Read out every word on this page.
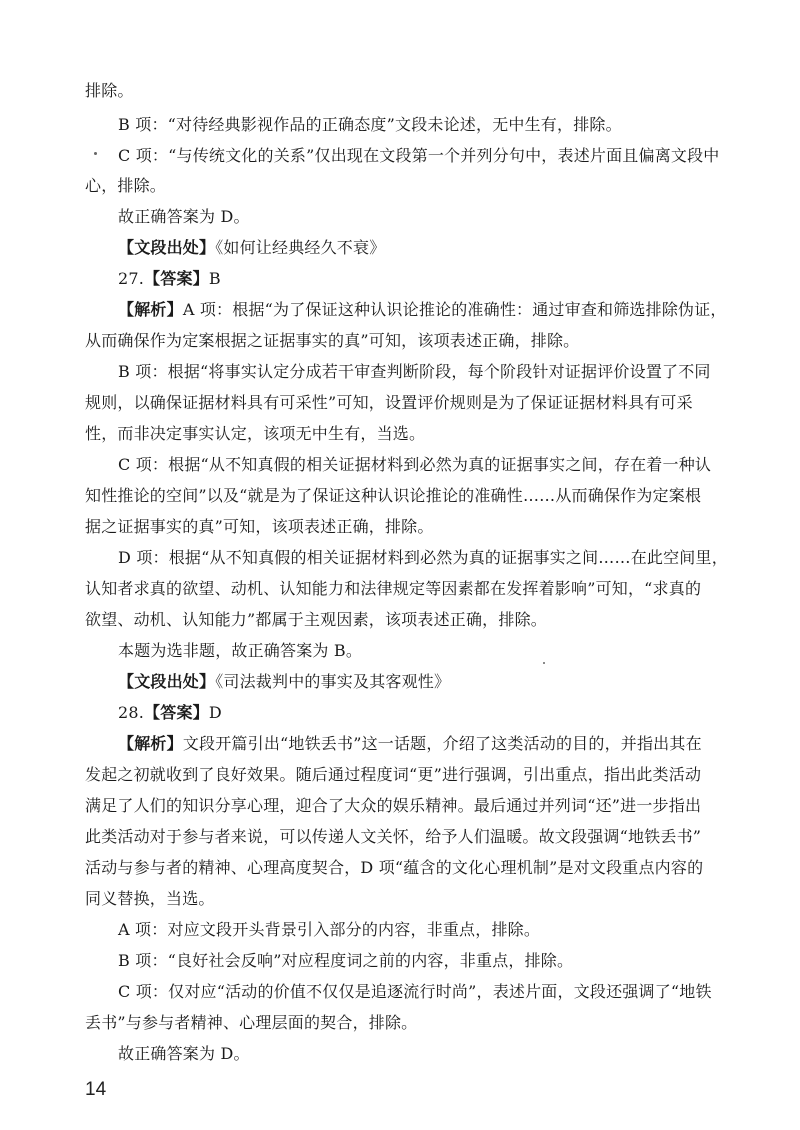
排除。
B 项：“对待经典影视作品的正确态度”文段未论述，无中生有，排除。
C 项：“与传统文化的关系”仅出现在文段第一个并列分句中，表述片面且偏离文段中
心，排除。
故正确答案为 D。
【文段出处】《如何让经典经久不衰》
27.【答案】B
【解析】A 项：根据“为了保证这种认识论推论的准确性：通过审查和筛选排除伪证，
从而确保作为定案根据之证据事实的真”可知，该项表述正确，排除。
B 项：根据“将事实认定分成若干审查判断阶段，每个阶段针对证据评价设置了不同
规则，以确保证据材料具有可采性”可知，设置评价规则是为了保证证据材料具有可采
性，而非决定事实认定，该项无中生有，当选。
C 项：根据“从不知真假的相关证据材料到必然为真的证据事实之间，存在着一种认
知性推论的空间”以及“就是为了保证这种认识论推论的准确性……从而确保作为定案根
据之证据事实的真”可知，该项表述正确，排除。
D 项：根据“从不知真假的相关证据材料到必然为真的证据事实之间……在此空间里，
认知者求真的欲望、动机、认知能力和法律规定等因素都在发挥着影响”可知，“求真的
欲望、动机、认知能力”都属于主观因素，该项表述正确，排除。
本题为选非题，故正确答案为 B。
【文段出处】《司法裁判中的事实及其客观性》
28.【答案】D
【解析】文段开篇引出“地铁丢书”这一话题，介绍了这类活动的目的，并指出其在
发起之初就收到了良好效果。随后通过程度词“更”进行强调，引出重点，指出此类活动
满足了人们的知识分享心理，迎合了大众的娱乐精神。最后通过并列词“还”进一步指出
此类活动对于参与者来说，可以传递人文关怀，给予人们温暖。故文段强调“地铁丢书”
活动与参与者的精神、心理高度契合，D 项“蕴含的文化心理机制”是对文段重点内容的
同义替换，当选。
A 项：对应文段开头背景引入部分的内容，非重点，排除。
B 项：“良好社会反响”对应程度词之前的内容，非重点，排除。
C 项：仅对应“活动的价值不仅仅是追逐流行时尚”，表述片面，文段还强调了“地铁
丢书”与参与者精神、心理层面的契合，排除。
故正确答案为 D。
14
